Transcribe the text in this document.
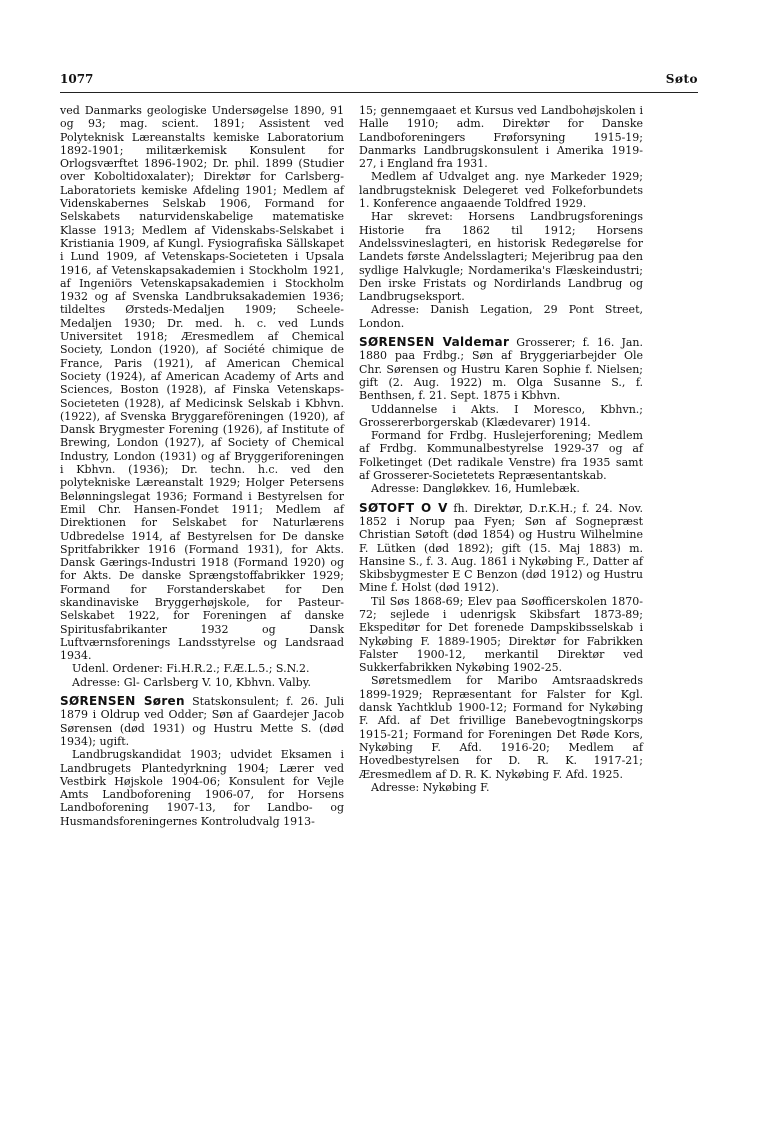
1077	Søto

ved Danmarks geologiske Undersøgelse 1890, 91 og 93; mag. scient. 1891; Assistent ved Polyteknisk Læreanstalts kemiske Laboratorium 1892-1901; militærkemisk Konsulent for Orlogsværftet 1896-1902; Dr. phil. 1899 (Studier over Koboltidoxalater); Direktør for Carlsberg-Laboratoriets kemiske Afdeling 1901; Medlem af Videnskabernes Selskab 1906, Formand for Selskabets naturvidenskabelige matematiske Klasse 1913; Medlem af Videnskabs-Selskabet i Kristiania 1909, af Kungl. Fysiografiska Sällskapet i Lund 1909, af Vetenskaps-Societeten i Upsala 1916, af Vetenskapsakademien i Stockholm 1921, af Ingeniörs Vetenskapsakademien i Stockholm 1932 og af Svenska Landbruksakademien 1936; tildeltes Ørsteds-Medaljen 1909; Scheele-Medaljen 1930; Dr. med. h. c. ved Lunds Universitet 1918; Æresmedlem af Chemical Society, London (1920), af Société chimique de France, Paris (1921), af American Chemical Society (1924), af American Academy of Arts and Sciences, Boston (1928), af Finska Vetenskaps-Societeten (1928), af Medicinsk Selskab i Kbhvn. (1922), af Svenska Bryggareföreningen (1920), af Dansk Brygmester Forening (1926), af Institute of Brewing, London (1927), af Society of Chemical Industry, London (1931) og af Bryggeriforeningen i Kbhvn. (1936); Dr. techn. h.c. ved den polytekniske Læreanstalt 1929; Holger Petersens Belønningslegat 1936; Formand i Bestyrelsen for Emil Chr. Hansen-Fondet 1911; Medlem af Direktionen for Selskabet for Naturlærens Udbredelse 1914, af Bestyrelsen for De danske Spritfabrikker 1916 (Formand 1931), for Akts. Dansk Gærings-Industri 1918 (Formand 1920) og for Akts. De danske Sprængstoffabrikker 1929; Formand for Forstanderskabet for Den skandinaviske Bryggerhøjskole, for Pasteur-Selskabet 1922, for Foreningen af danske Spiritusfabrikanter 1932 og Dansk Luftværnsforenings Landsstyrelse og Landsraad 1934.

Udenl. Ordener: Fi.H.R.2.; F.Æ.L.5.; S.N.2.

Adresse: Gl- Carlsberg V. 10, Kbhvn. Valby.

SØRENSEN Søren Statskonsulent; f. 26. Juli 1879 i Oldrup ved Odder; Søn af Gaardejer Jacob Sørensen (død 1931) og Hustru Mette S. (død 1934); ugift.

Landbrugskandidat 1903; udvidet Eksamen i Landbrugets Plantedyrkning 1904; Lærer ved Vestbirk Højskole 1904-06; Konsulent for Vejle Amts Landboforening 1906-07, for Horsens Landboforening 1907-13, for Landbo- og Husmandsforeningernes Kontroludvalg 1913-

15; gennemgaaet et Kursus ved Landbohøjskolen i Halle 1910; adm. Direktør for Danske Landboforeningers Frøforsyning 1915-19; Danmarks Landbrugskonsulent i Amerika 1919-27, i England fra 1931.

Medlem af Udvalget ang. nye Markeder 1929; landbrugsteknisk Delegeret ved Folkeforbundets 1. Konference angaaende Toldfred 1929.

Har skrevet: Horsens Landbrugsforenings Historie fra 1862 til 1912; Horsens Andelssvineslagteri, en historisk Redegørelse for Landets første Andelsslagteri; Mejeribrug paa den sydlige Halvkugle; Nordamerika's Flæskeindustri; Den irske Fristats og Nordirlands Landbrug og Landbrugseksport.

Adresse: Danish Legation, 29 Pont Street, London.

SØRENSEN Valdemar Grosserer; f. 16. Jan. 1880 paa Frdbg.; Søn af Bryggeriarbejder Ole Chr. Sørensen og Hustru Karen Sophie f. Nielsen; gift (2. Aug. 1922) m. Olga Susanne S., f. Benthsen, f. 21. Sept. 1875 i Kbhvn.

Uddannelse i Akts. I Moresco, Kbhvn.; Grossererborgerskab (Klædevarer) 1914.

Formand for Frdbg. Huslejerforening; Medlem af Frdbg. Kommunalbestyrelse 1929-37 og af Folketinget (Det radikale Venstre) fra 1935 samt af Grosserer-Societetets Repræsentantskab.

Adresse: Dangløkkev. 16, Humlebæk.

SØTOFT O V fh. Direktør, D.r.K.H.; f. 24. Nov. 1852 i Norup paa Fyen; Søn af Sognepræst Christian Søtoft (død 1854) og Hustru Wilhelmine F. Lütken (død 1892); gift (15. Maj 1883) m. Hansine S., f. 3. Aug. 1861 i Nykøbing F., Datter af Skibsbygmester E C Benzon (død 1912) og Hustru Mine f. Holst (død 1912).

Til Søs 1868-69; Elev paa Søofficerskolen 1870-72; sejlede i udenrigsk Skibsfart 1873-89; Ekspeditør for Det forenede Dampskibsselskab i Nykøbing F. 1889-1905; Direktør for Fabrikken Falster 1900-12, merkantil Direktør ved Sukkerfabrikken Nykøbing 1902-25.

Søretsmedlem for Maribo Amtsraadskreds 1899-1929; Repræsentant for Falster for Kgl. dansk Yachtklub 1900-12; Formand for Nykøbing F. Afd. af Det frivillige Banebevogtningskorps 1915-21; Formand for Foreningen Det Røde Kors, Nykøbing F. Afd. 1916-20; Medlem af Hovedbestyrelsen for D. R. K. 1917-21; Æresmedlem af D. R. K. Nykøbing F. Afd. 1925.

Adresse: Nykøbing F.
